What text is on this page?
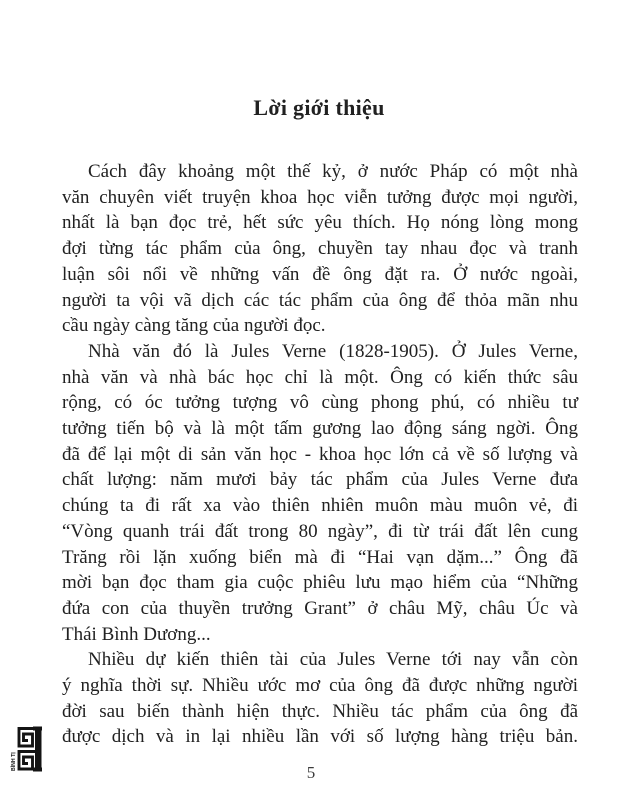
Lời giới thiệu

Cách đây khoảng một thế kỷ, ở nước Pháp có một nhà
văn chuyên viết truyện khoa học viễn tưởng được mọi người,
nhất là bạn đọc trẻ, hết sức yêu thích. Họ nóng lòng mong
đợi từng tác phẩm của ông, chuyền tay nhau đọc và tranh
luận sôi nổi về những vấn đề ông đặt ra. Ở nước ngoài,
người ta vội vã dịch các tác phẩm của ông để thỏa mãn nhu
cầu ngày càng tăng của người đọc.

Nhà văn đó là Jules Verne (1828-1905). Ở Jules Verne,
nhà văn và nhà bác học chỉ là một. Ông có kiến thức sâu
rộng, có óc tưởng tượng vô cùng phong phú, có nhiều tư
tưởng tiến bộ và là một tấm gương lao động sáng ngời. Ông
đã để lại một di sản văn học - khoa học lớn cả về số lượng và
chất lượng: năm mươi bảy tác phẩm của Jules Verne đưa
chúng ta đi rất xa vào thiên nhiên muôn màu muôn vẻ, đi
“Vòng quanh trái đất trong 80 ngày”, đi từ trái đất lên cung
Trăng rồi lặn xuống biển mà đi “Hai vạn dặm...” Ông đã
mời bạn đọc tham gia cuộc phiêu lưu mạo hiểm của “Những
đứa con của thuyền trưởng Grant” ở châu Mỹ, châu Úc và
Thái Bình Dương...

Nhiều dự kiến thiên tài của Jules Verne tới nay vẫn còn
ý nghĩa thời sự. Nhiều ước mơ của ông đã được những người
đời sau biến thành hiện thực. Nhiều tác phẩm của ông đã
được dịch và in lại nhiều lần với số lượng hàng triệu bản.

BÌNH TỊ
5
